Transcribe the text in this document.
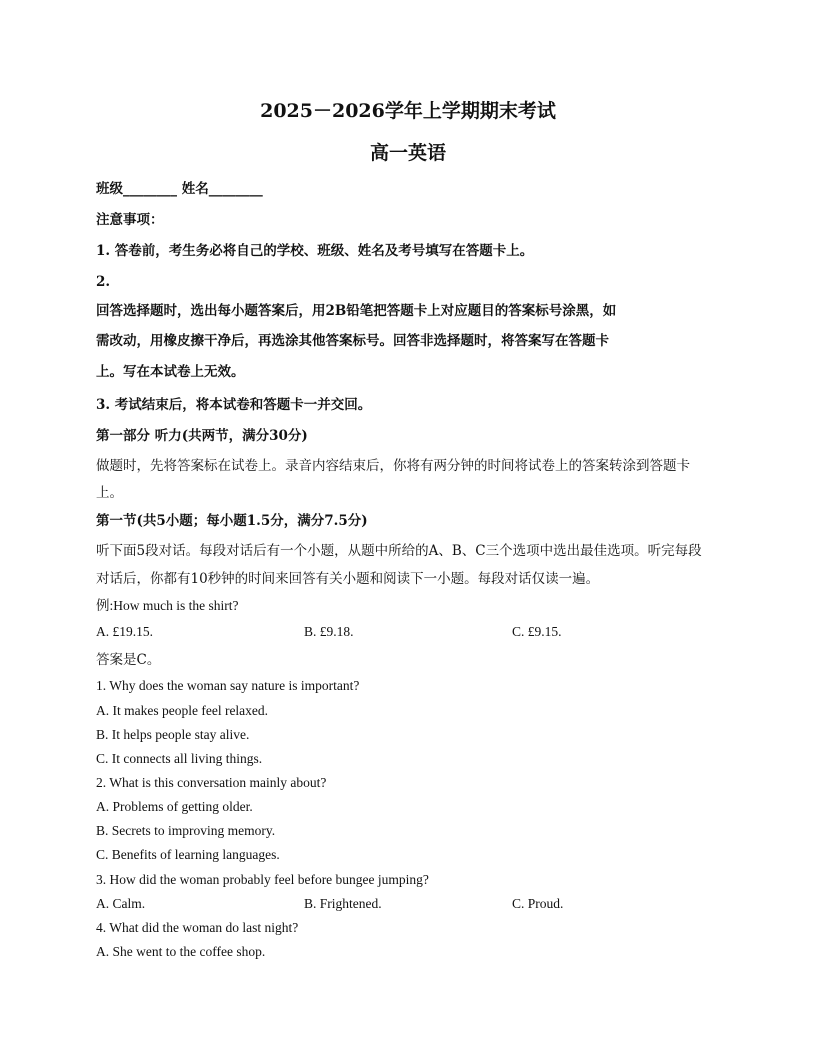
2025－2026学年上学期期末考试
高一英语
班级________ 姓名________
注意事项：
1. 答卷前，考生务必将自己的学校、班级、姓名及考号填写在答题卡上。
2.
回答选择题时，选出每小题答案后，用2B铅笔把答题卡上对应题目的答案标号涂黑，如
需改动，用橡皮擦干净后，再选涂其他答案标号。回答非选择题时，将答案写在答题卡
上。写在本试卷上无效。
3. 考试结束后，将本试卷和答题卡一并交回。
第一部分 听力(共两节，满分30分)
做题时，先将答案标在试卷上。录音内容结束后，你将有两分钟的时间将试卷上的答案转涂到答题卡
上。
第一节(共5小题；每小题1.5分，满分7.5分)
听下面5段对话。每段对话后有一个小题，从题中所给的A、B、C三个选项中选出最佳选项。听完每段
对话后，你都有10秒钟的时间来回答有关小题和阅读下一小题。每段对话仅读一遍。
例:How much is the shirt?
A. £19.15.	B. £9.18.	C. £9.15.
答案是C。
1. Why does the woman say nature is important?
A. It makes people feel relaxed.
B. It helps people stay alive.
C. It connects all living things.
2. What is this conversation mainly about?
A. Problems of getting older.
B. Secrets to improving memory.
C. Benefits of learning languages.
3. How did the woman probably feel before bungee jumping?
A. Calm.	B. Frightened.	C. Proud.
4. What did the woman do last night?
A. She went to the coffee shop.
